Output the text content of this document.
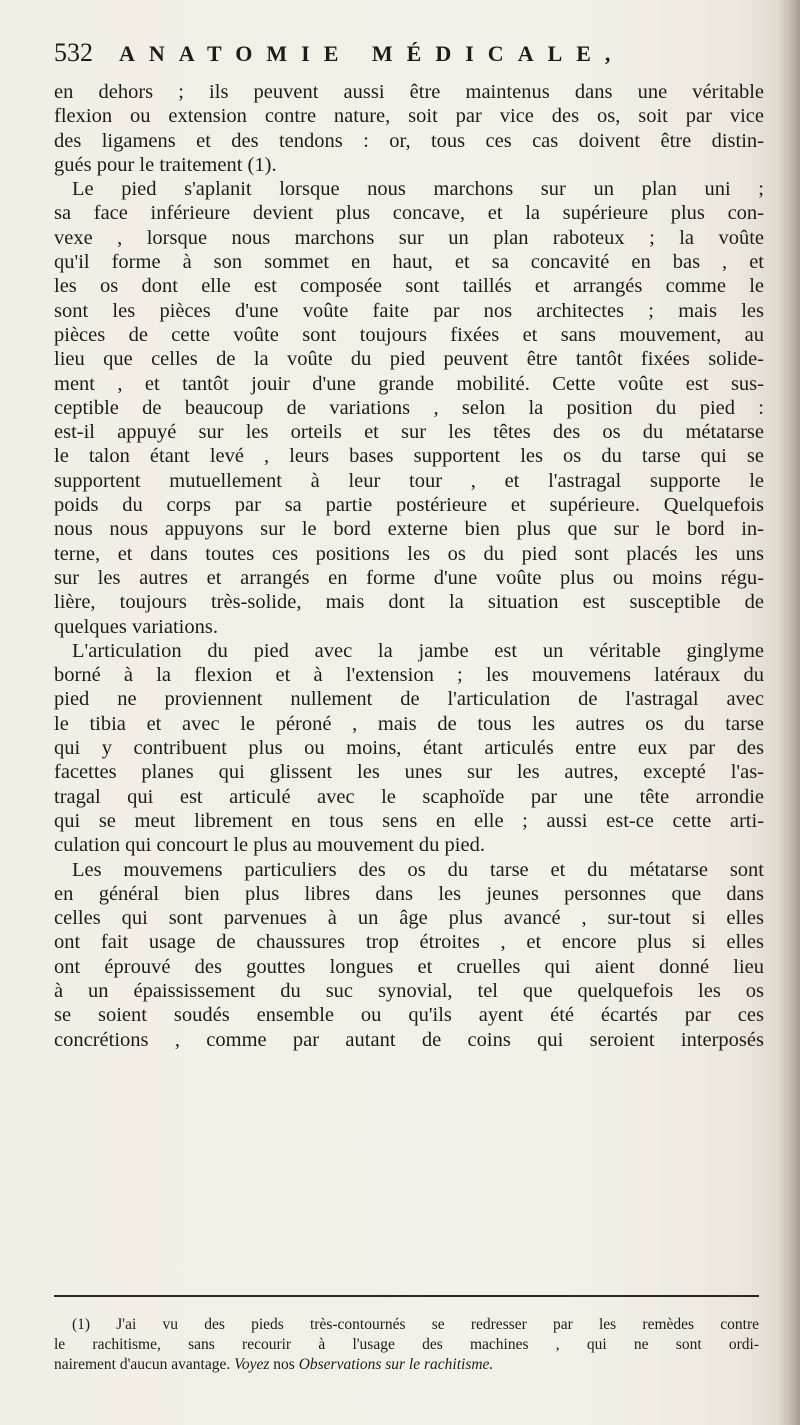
532 ANATOMIE MÉDICALE,
en dehors ; ils peuvent aussi être maintenus dans une véritable
flexion ou extension contre nature, soit par vice des os, soit par vice
des ligamens et des tendons : or, tous ces cas doivent être distin-
gués pour le traitement (1).
Le pied s'aplanit lorsque nous marchons sur un plan uni ;
sa face inférieure devient plus concave, et la supérieure plus con-
vexe , lorsque nous marchons sur un plan raboteux ; la voûte
qu'il forme à son sommet en haut, et sa concavité en bas , et
les os dont elle est composée sont taillés et arrangés comme le
sont les pièces d'une voûte faite par nos architectes ; mais les
pièces de cette voûte sont toujours fixées et sans mouvement, au
lieu que celles de la voûte du pied peuvent être tantôt fixées solide-
ment , et tantôt jouir d'une grande mobilité. Cette voûte est sus-
ceptible de beaucoup de variations , selon la position du pied :
est-il appuyé sur les orteils et sur les têtes des os du métatarse
le talon étant levé , leurs bases supportent les os du tarse qui se
supportent mutuellement à leur tour , et l'astragal supporte le
poids du corps par sa partie postérieure et supérieure. Quelquefois
nous nous appuyons sur le bord externe bien plus que sur le bord in-
terne, et dans toutes ces positions les os du pied sont placés les uns
sur les autres et arrangés en forme d'une voûte plus ou moins régu-
lière, toujours très-solide, mais dont la situation est susceptible de
quelques variations.
L'articulation du pied avec la jambe est un véritable ginglyme
borné à la flexion et à l'extension ; les mouvemens latéraux du
pied ne proviennent nullement de l'articulation de l'astragal avec
le tibia et avec le péroné , mais de tous les autres os du tarse
qui y contribuent plus ou moins, étant articulés entre eux par des
facettes planes qui glissent les unes sur les autres, excepté l'as-
tragal qui est articulé avec le scaphoïde par une tête arrondie
qui se meut librement en tous sens en elle ; aussi est-ce cette arti-
culation qui concourt le plus au mouvement du pied.
Les mouvemens particuliers des os du tarse et du métatarse sont
en général bien plus libres dans les jeunes personnes que dans
celles qui sont parvenues à un âge plus avancé , sur-tout si elles
ont fait usage de chaussures trop étroites , et encore plus si elles
ont éprouvé des gouttes longues et cruelles qui aient donné lieu
à un épaississement du suc synovial, tel que quelquefois les os
se soient soudés ensemble ou qu'ils ayent été écartés par ces
concrétions , comme par autant de coins qui seroient interposés
(1) J'ai vu des pieds très-contournés se redresser par les remèdes contre
le rachitisme, sans recourir à l'usage des machines , qui ne sont ordi-
nairement d'aucun avantage. Voyez nos Observations sur le rachitisme.
